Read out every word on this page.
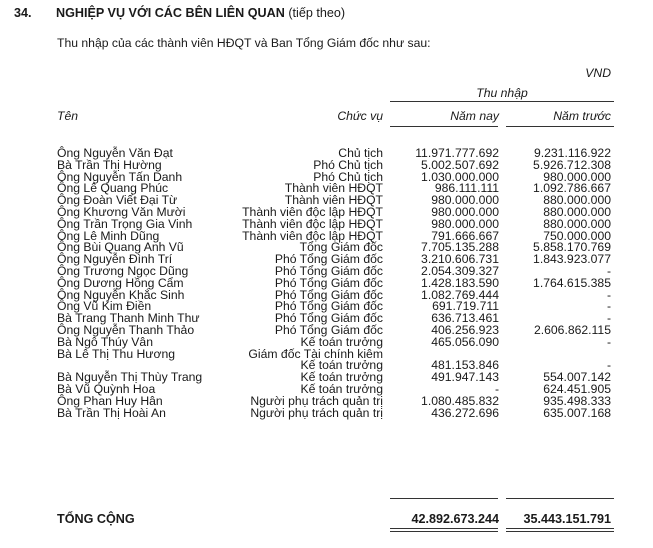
34. NGHIỆP VỤ VỚI CÁC BÊN LIÊN QUAN (tiếp theo)
Thu nhập của các thành viên HĐQT và Ban Tổng Giám đốc như sau:
VND
Thu nhập
Tên	Chức vụ	Năm nay	Năm trước
Ông Nguyễn Văn Đạt	Chủ tịch	11.971.777.692	9.231.116.922
Bà Trần Thị Hường	Phó Chủ tịch	5.002.507.692	5.926.712.308
Ông Nguyễn Tấn Danh	Phó Chủ tịch	1.030.000.000	980.000.000
Ông Lê Quang Phúc	Thành viên HĐQT	986.111.111	1.092.786.667
Ông Đoàn Viết Đại Từ	Thành viên HĐQT	980.000.000	880.000.000
Ông Khương Văn Mười	Thành viên độc lập HĐQT	980.000.000	880.000.000
Ông Trần Trọng Gia Vinh	Thành viên độc lập HĐQT	980.000.000	880.000.000
Ông Lê Minh Dũng	Thành viên độc lập HĐQT	791.666.667	750.000.000
Ông Bùi Quang Anh Vũ	Tổng Giám đốc	7.705.135.288	5.858.170.769
Ông Nguyễn Đình Trí	Phó Tổng Giám đốc	3.210.606.731	1.843.923.077
Ông Trương Ngọc Dũng	Phó Tổng Giám đốc	2.054.309.327	-
Ông Dương Hồng Cẩm	Phó Tổng Giám đốc	1.428.183.590	1.764.615.385
Ông Nguyễn Khắc Sinh	Phó Tổng Giám đốc	1.082.769.444	-
Ông Vũ Kim Điền	Phó Tổng Giám đốc	691.719.711	-
Bà Trang Thanh Minh Thư	Phó Tổng Giám đốc	636.713.461	-
Ông Nguyễn Thanh Thảo	Phó Tổng Giám đốc	406.256.923	2.606.862.115
Bà Ngô Thúy Vân	Kế toán trưởng	465.056.090	-
Bà Lê Thị Thu Hương	Giám đốc Tài chính kiêm
Kế toán trưởng	481.153.846	-
Bà Nguyễn Thị Thùy Trang	Kế toán trưởng	491.947.143	554.007.142
Bà Vũ Quỳnh Hoa	Kế toán trưởng	-	624.451.905
Ông Phan Huy Hân	Người phụ trách quản trị	1.080.485.832	935.498.333
Bà Trần Thị Hoài An	Người phụ trách quản trị	436.272.696	635.007.168
TỔNG CỘNG	42.892.673.244 35.443.151.791
